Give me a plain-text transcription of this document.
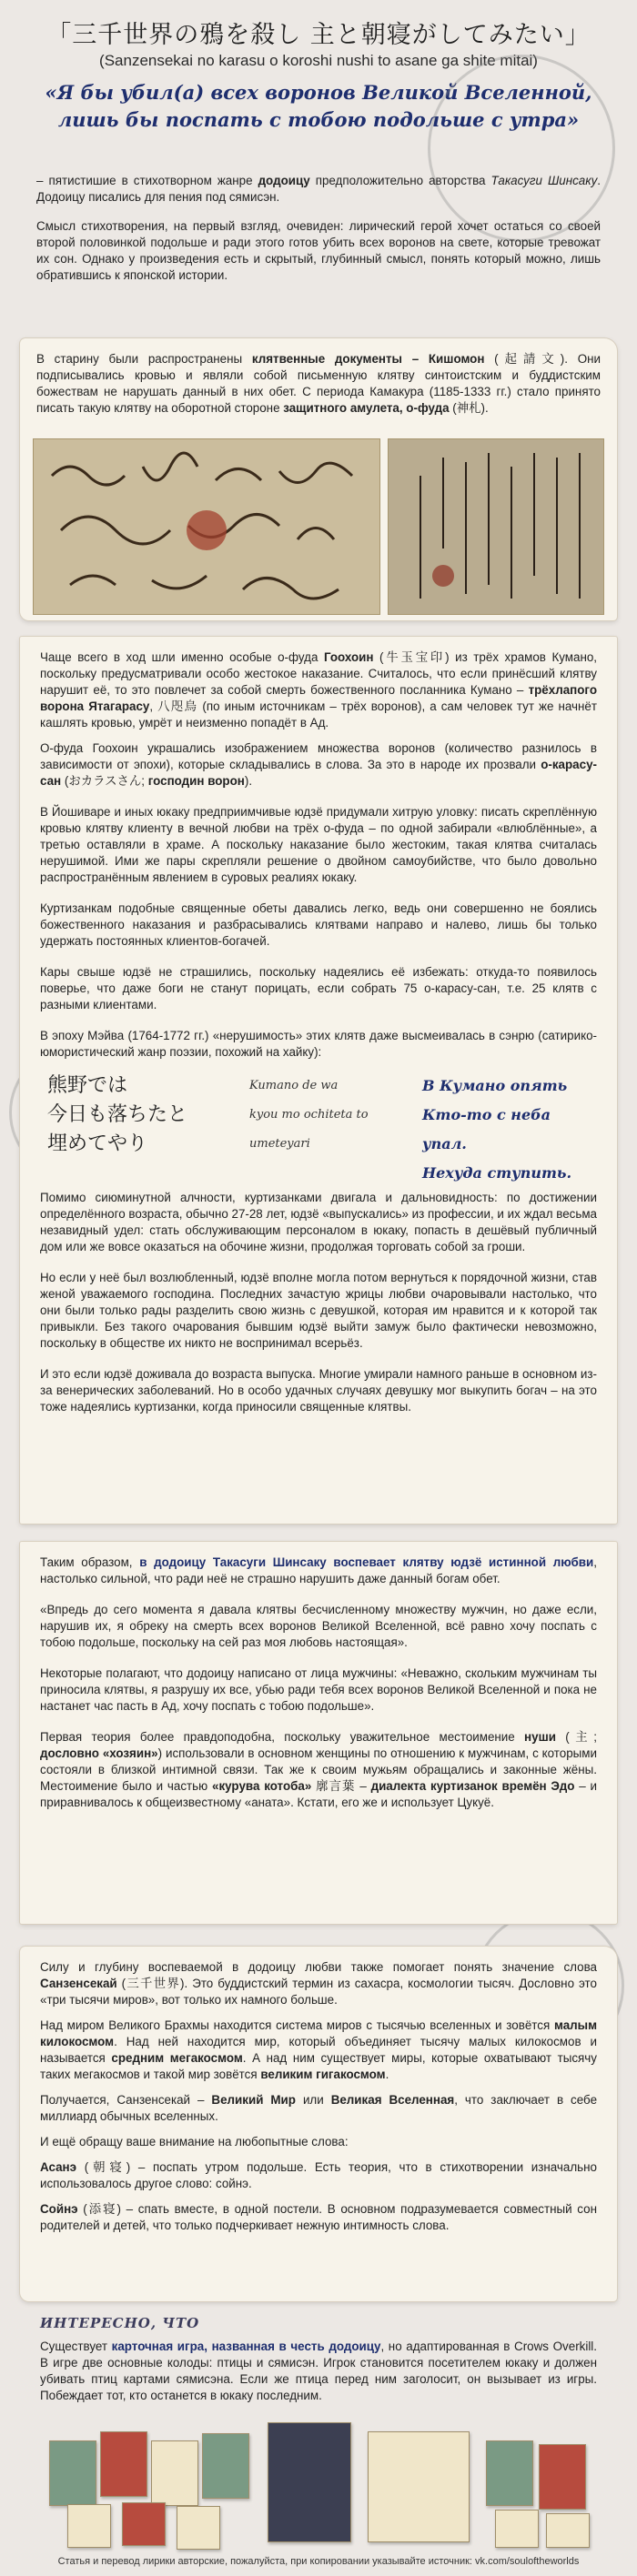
「三千世界の鴉を殺し 主と朝寝がしてみたい」
(Sanzensekai no karasu o koroshi nushi to asane ga shite mitai)
«Я бы убил(а) всех воронов Великой Вселенной, лишь бы поспать с тобою подольше с утра»

– пятистишие в стихотворном жанре додоицу предположительно авторства Такасуги Шинсаку. Додоицу писались для пения под сямисэн.

Смысл стихотворения, на первый взгляд, очевиден: лирический герой хочет остаться со своей второй половинкой подольше и ради этого готов убить всех воронов на свете, которые тревожат их сон. Однако у произведения есть и скрытый, глубинный смысл, понять который можно, лишь обратившись к японской истории.

В старину были распространены клятвенные документы – Кишомон (起請文). Они подписывались кровью и являли собой письменную клятву синтоистским и буддистским божествам не нарушать данный в них обет. С периода Камакура (1185-1333 гг.) стало принято писать такую клятву на оборотной стороне защитного амулета, о-фуда (神札).

Чаще всего в ход шли именно особые о-фуда Гоохоин (牛玉宝印) из трёх храмов Кумано, поскольку предусматривали особо жестокое наказание. Считалось, что если принёсший клятву нарушит её, то это повлечет за собой смерть божественного посланника Кумано – трёхлапого ворона Ятагарасу, 八咫烏 (по иным источникам – трёх воронов), а сам человек тут же начнёт кашлять кровью, умрёт и неизменно попадёт в Ад.

О-фуда Гоохоин украшались изображением множества воронов (количество разнилось в зависимости от эпохи), которые складывались в слова. За это в народе их прозвали о-карасу-сан (おカラスさん; господин ворон).

В Йошиваре и иных юкаку предприимчивые юдзё придумали хитрую уловку: писать скреплённую кровью клятву клиенту в вечной любви на трёх о-фуда – по одной забирали «влюблённые», а третью оставляли в храме. А поскольку наказание было жестоким, такая клятва считалась нерушимой. Ими же пары скрепляли решение о двойном самоубийстве, что было довольно распространённым явлением в суровых реалиях юкаку.

Куртизанкам подобные священные обеты давались легко, ведь они совершенно не боялись божественного наказания и разбрасывались клятвами направо и налево, лишь бы только удержать постоянных клиентов-богачей.

Кары свыше юдзё не страшились, поскольку надеялись её избежать: откуда-то появилось поверье, что даже боги не станут порицать, если собрать 75 о-карасу-сан, т.е. 25 клятв с разными клиентами.

В эпоху Мэйва (1764-1772 гг.) «нерушимость» этих клятв даже высмеивалась в сэнрю (сатирико-юмористический жанр поэзии, похожий на хайку):

熊野では
今日も落ちたと
埋めてやり
Kumano de wa
kyou mo ochiteta to
umeteyari
В Кумано опять
Кто-то с неба упал.
Нехуда ступить.

Помимо сиюминутной алчности, куртизанками двигала и дальновидность: по достижении определённого возраста, обычно 27-28 лет, юдзё «выпускались» из профессии, и их ждал весьма незавидный удел: стать обслуживающим персоналом в юкаку, попасть в дешёвый публичный дом или же вовсе оказаться на обочине жизни, продолжая торговать собой за гроши.

Но если у неё был возлюбленный, юдзё вполне могла потом вернуться к порядочной жизни, став женой уважаемого господина. Последних зачастую жрицы любви очаровывали настолько, что они были только рады разделить свою жизнь с девушкой, которая им нравится и к которой так привыкли. Без такого очарования бывшим юдзё выйти замуж было фактически невозможно, поскольку в обществе их никто не воспринимал всерьёз.

И это если юдзё доживала до возраста выпуска. Многие умирали намного раньше в основном из-за венерических заболеваний. Но в особо удачных случаях девушку мог выкупить богач – на это тоже надеялись куртизанки, когда приносили священные клятвы.

Таким образом, в додоицу Такасуги Шинсаку воспевает клятву юдзё истинной любви, настолько сильной, что ради неё не страшно нарушить даже данный богам обет.

«Впредь до сего момента я давала клятвы бесчисленному множеству мужчин, но даже если, нарушив их, я обреку на смерть всех воронов Великой Вселенной, всё равно хочу поспать с тобою подольше, поскольку на сей раз моя любовь настоящая».

Некоторые полагают, что додоицу написано от лица мужчины: «Неважно, скольким мужчинам ты приносила клятвы, я разрушу их все, убью ради тебя всех воронов Великой Вселенной и пока не настанет час пасть в Ад, хочу поспать с тобою подольше».

Первая теория более правдоподобна, поскольку уважительное местоимение нуши (主; дословно «хозяин») использовали в основном женщины по отношению к мужчинам, с которыми состояли в близкой интимной связи. Так же к своим мужьям обращались и законные жёны. Местоимение было и частью «курува котоба» 廓言葉 – диалекта куртизанок времён Эдо – и приравнивалось к общеизвестному «аната». Кстати, его же и использует Цукуё.

Силу и глубину воспеваемой в додоицу любви также помогает понять значение слова Санзенсекай (三千世界). Это буддистский термин из сахасра, космологии тысяч. Дословно это «три тысячи миров», вот только их намного больше.

Над миром Великого Брахмы находится система миров с тысячью вселенных и зовётся малым килокосмом. Над ней находится мир, который объединяет тысячу малых килокосмов и называется средним мегакосмом. А над ним существует миры, которые охватывают тысячу таких мегакосмов и такой мир зовётся великим гигакосмом.

Получается, Санзенсекай – Великий Мир или Великая Вселенная, что заключает в себе миллиард обычных вселенных.

И ещё обращу ваше внимание на любопытные слова:

Асанэ (朝寝) – поспать утром подольше. Есть теория, что в стихотворении изначально использовалось другое слово: сойнэ.

Сойнэ (添寝) – спать вместе, в одной постели. В основном подразумевается совместный сон родителей и детей, что только подчеркивает нежную интимность слова.

ИНТЕРЕСНО, ЧТО

Существует карточная игра, названная в честь додоицу, но адаптированная в Crows Overkill. В игре две основные колоды: птицы и сямисэн. Игрок становится посетителем юкаку и должен убивать птиц картами сямисэна. Если же птица перед ним заголосит, он вызывает из игры. Побеждает тот, кто останется в юкаку последним.

Статья и перевод лирики авторские, пожалуйста, при копировании указывайте источник: vk.com/souloftheworlds
